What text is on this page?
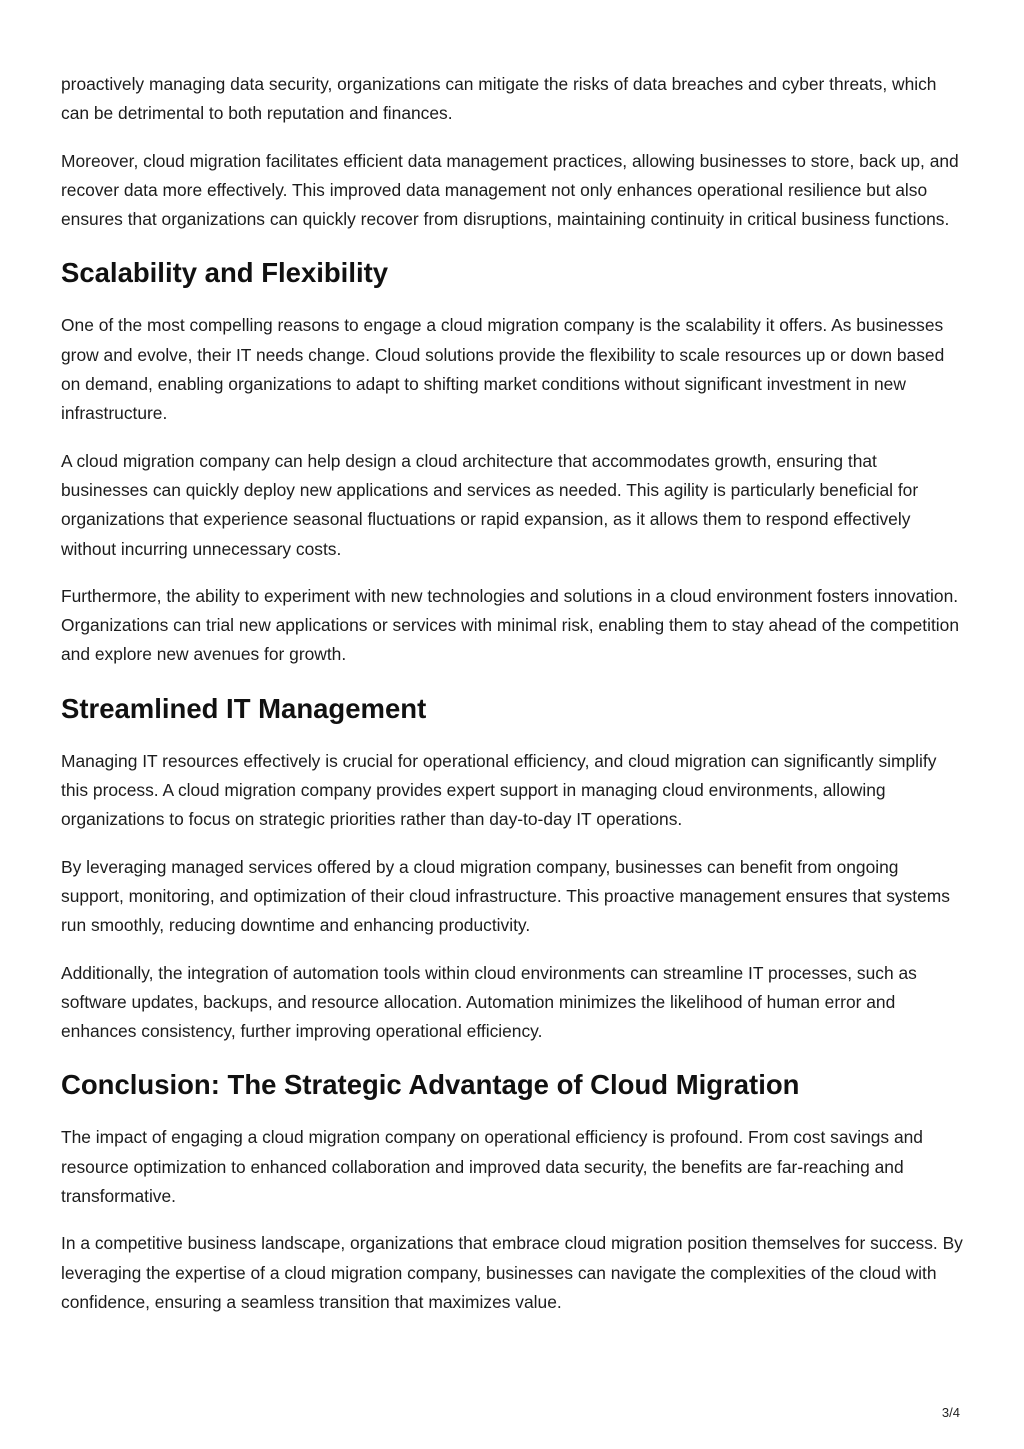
proactively managing data security, organizations can mitigate the risks of data breaches and cyber threats, which can be detrimental to both reputation and finances.

Moreover, cloud migration facilitates efficient data management practices, allowing businesses to store, back up, and recover data more effectively. This improved data management not only enhances operational resilience but also ensures that organizations can quickly recover from disruptions, maintaining continuity in critical business functions.

Scalability and Flexibility

One of the most compelling reasons to engage a cloud migration company is the scalability it offers. As businesses grow and evolve, their IT needs change. Cloud solutions provide the flexibility to scale resources up or down based on demand, enabling organizations to adapt to shifting market conditions without significant investment in new infrastructure.

A cloud migration company can help design a cloud architecture that accommodates growth, ensuring that businesses can quickly deploy new applications and services as needed. This agility is particularly beneficial for organizations that experience seasonal fluctuations or rapid expansion, as it allows them to respond effectively without incurring unnecessary costs.

Furthermore, the ability to experiment with new technologies and solutions in a cloud environment fosters innovation. Organizations can trial new applications or services with minimal risk, enabling them to stay ahead of the competition and explore new avenues for growth.

Streamlined IT Management

Managing IT resources effectively is crucial for operational efficiency, and cloud migration can significantly simplify this process. A cloud migration company provides expert support in managing cloud environments, allowing organizations to focus on strategic priorities rather than day-to-day IT operations.

By leveraging managed services offered by a cloud migration company, businesses can benefit from ongoing support, monitoring, and optimization of their cloud infrastructure. This proactive management ensures that systems run smoothly, reducing downtime and enhancing productivity.

Additionally, the integration of automation tools within cloud environments can streamline IT processes, such as software updates, backups, and resource allocation. Automation minimizes the likelihood of human error and enhances consistency, further improving operational efficiency.

Conclusion: The Strategic Advantage of Cloud Migration

The impact of engaging a cloud migration company on operational efficiency is profound. From cost savings and resource optimization to enhanced collaboration and improved data security, the benefits are far-reaching and transformative.

In a competitive business landscape, organizations that embrace cloud migration position themselves for success. By leveraging the expertise of a cloud migration company, businesses can navigate the complexities of the cloud with confidence, ensuring a seamless transition that maximizes value.

3/4
